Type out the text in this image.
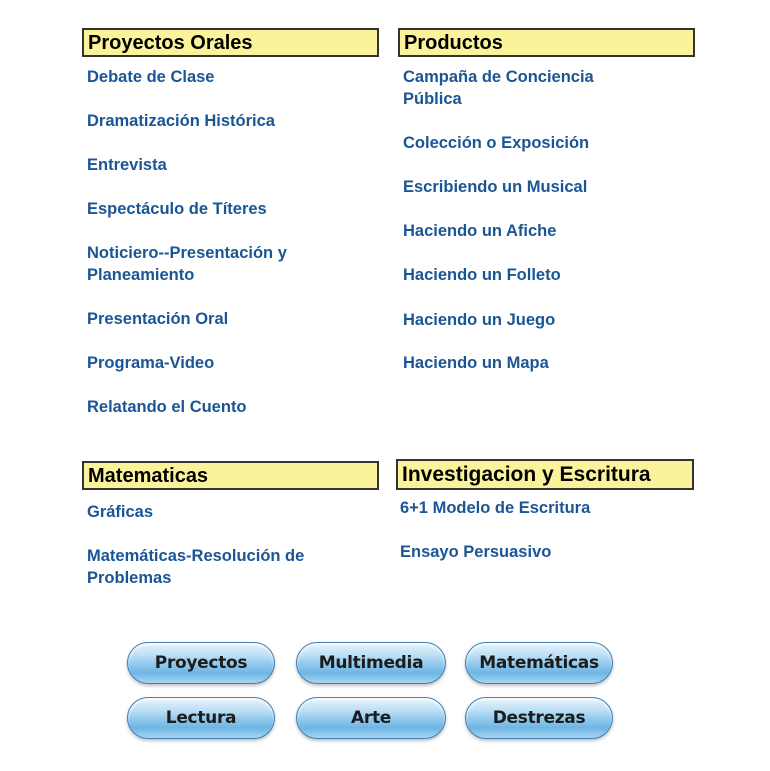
Proyectos Orales
Debate de Clase
Dramatización Histórica
Entrevista
Espectáculo de Títeres
Noticiero--Presentación y Planeamiento
Presentación Oral
Programa-Video
Relatando el Cuento
Productos
Campaña de Conciencia Pública
Colección o Exposición
Escribiendo un Musical
Haciendo un Afiche
Haciendo un Folleto
Haciendo un Juego
Haciendo un Mapa
Matematicas
Gráficas
Matemáticas-Resolución de Problemas
Investigacion y Escritura
6+1 Modelo de Escritura
Ensayo Persuasivo
Proyectos	Multimedia	Matemáticas
Lectura	Arte	Destrezas
